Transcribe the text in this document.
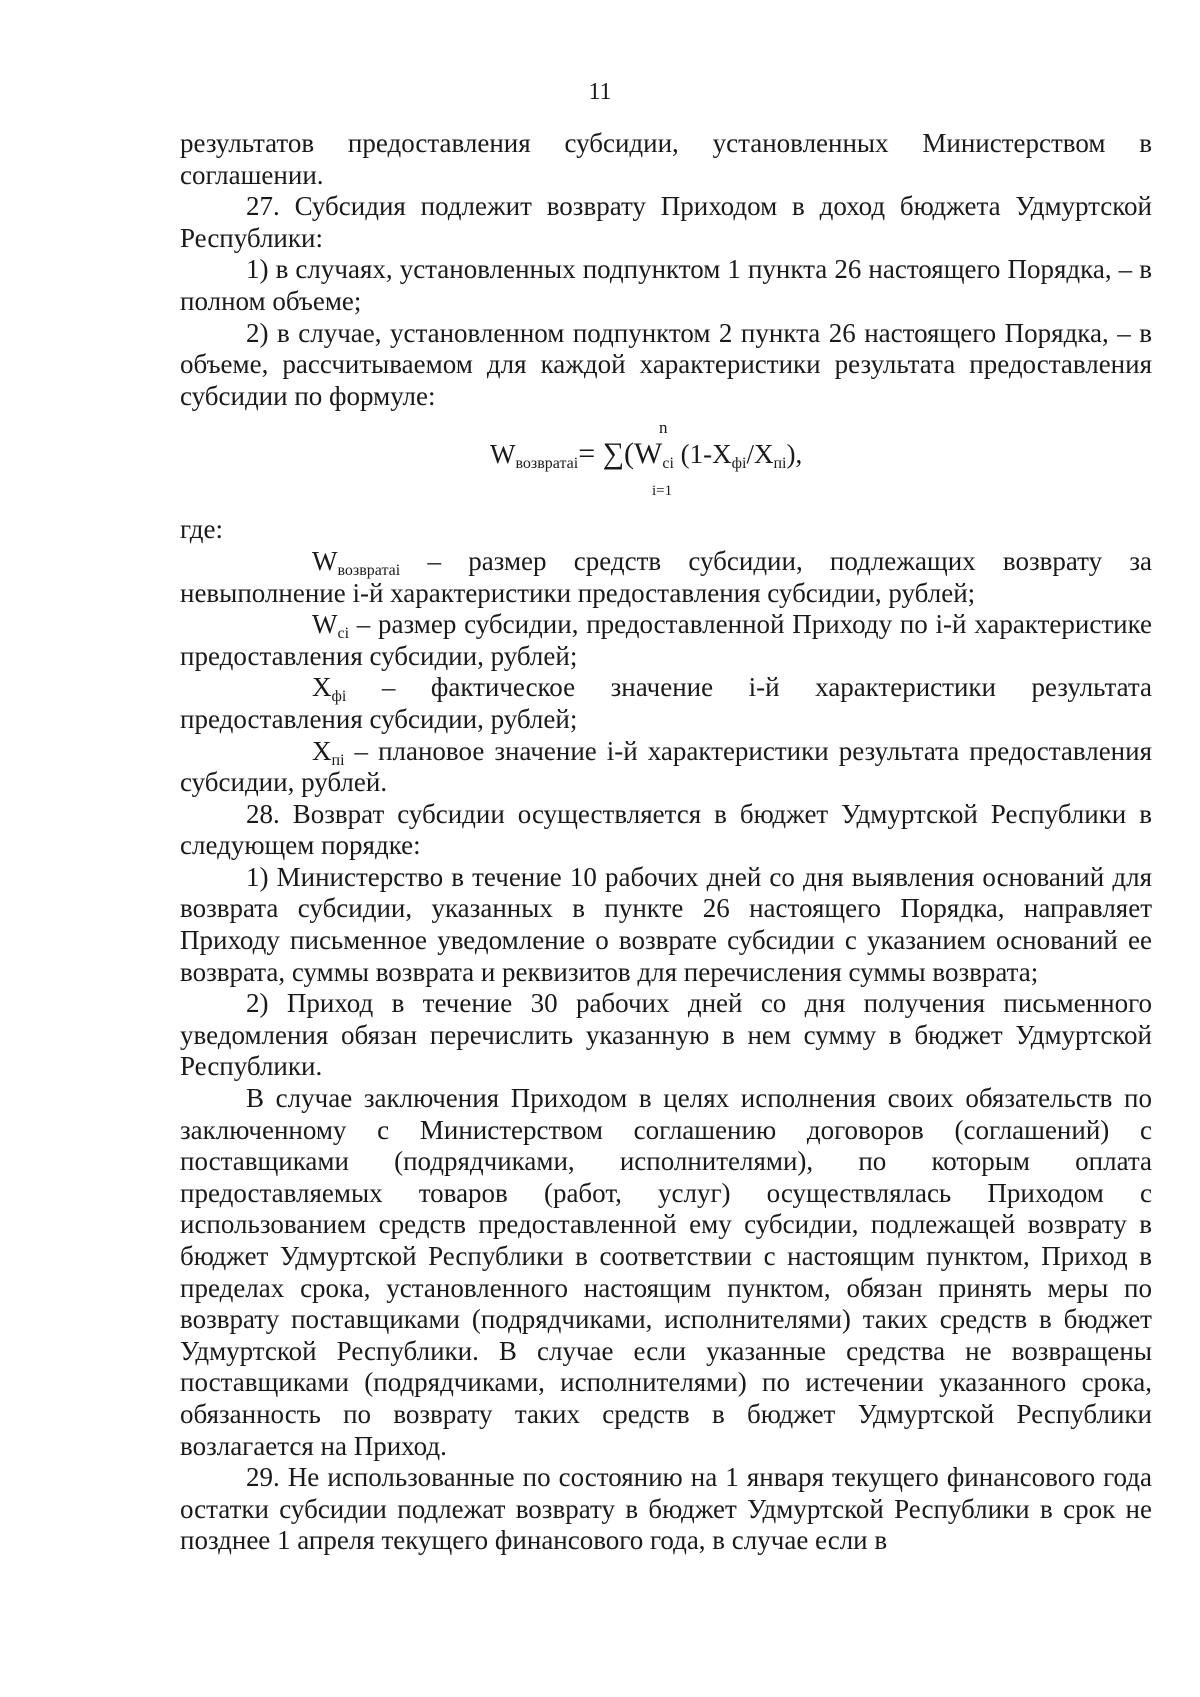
11

результатов предоставления субсидии, установленных Министерством в соглашении.

27. Субсидия подлежит возврату Приходом в доход бюджета Удмуртской Республики:

1) в случаях, установленных подпунктом 1 пункта 26 настоящего Порядка, – в полном объеме;

2) в случае, установленном подпунктом 2 пункта 26 настоящего Порядка, – в объеме, рассчитываемом для каждой характеристики результата предоставления субсидии по формуле:

n
$W_{возвратаi}= \sum(W_{ci}$ $(1-X_{фi}/X_{пi})$,
i=1

где:

$W_{возвратаi}$ – размер средств субсидии, подлежащих возврату за невыполнение i-й характеристики предоставления субсидии, рублей;

$W_{ci}$ – размер субсидии, предоставленной Приходу по i-й характеристике предоставления субсидии, рублей;

$X_{фi}$ – фактическое значение i-й характеристики результата предоставления субсидии, рублей;

$X_{пi}$ – плановое значение i-й характеристики результата предоставления субсидии, рублей.

28. Возврат субсидии осуществляется в бюджет Удмуртской Республики в следующем порядке:

1) Министерство в течение 10 рабочих дней со дня выявления оснований для возврата субсидии, указанных в пункте 26 настоящего Порядка, направляет Приходу письменное уведомление о возврате субсидии с указанием оснований ее возврата, суммы возврата и реквизитов для перечисления суммы возврата;

2) Приход в течение 30 рабочих дней со дня получения письменного уведомления обязан перечислить указанную в нем сумму в бюджет Удмуртской Республики.

В случае заключения Приходом в целях исполнения своих обязательств по заключенному с Министерством соглашению договоров (соглашений) с поставщиками (подрядчиками, исполнителями), по которым оплата предоставляемых товаров (работ, услуг) осуществлялась Приходом с использованием средств предоставленной ему субсидии, подлежащей возврату в бюджет Удмуртской Республики в соответствии с настоящим пунктом, Приход в пределах срока, установленного настоящим пунктом, обязан принять меры по возврату поставщиками (подрядчиками, исполнителями) таких средств в бюджет Удмуртской Республики. В случае если указанные средства не возвращены поставщиками (подрядчиками, исполнителями) по истечении указанного срока, обязанность по возврату таких средств в бюджет Удмуртской Республики возлагается на Приход.

29. Не использованные по состоянию на 1 января текущего финансового года остатки субсидии подлежат возврату в бюджет Удмуртской Республики в срок не позднее 1 апреля текущего финансового года, в случае если в
